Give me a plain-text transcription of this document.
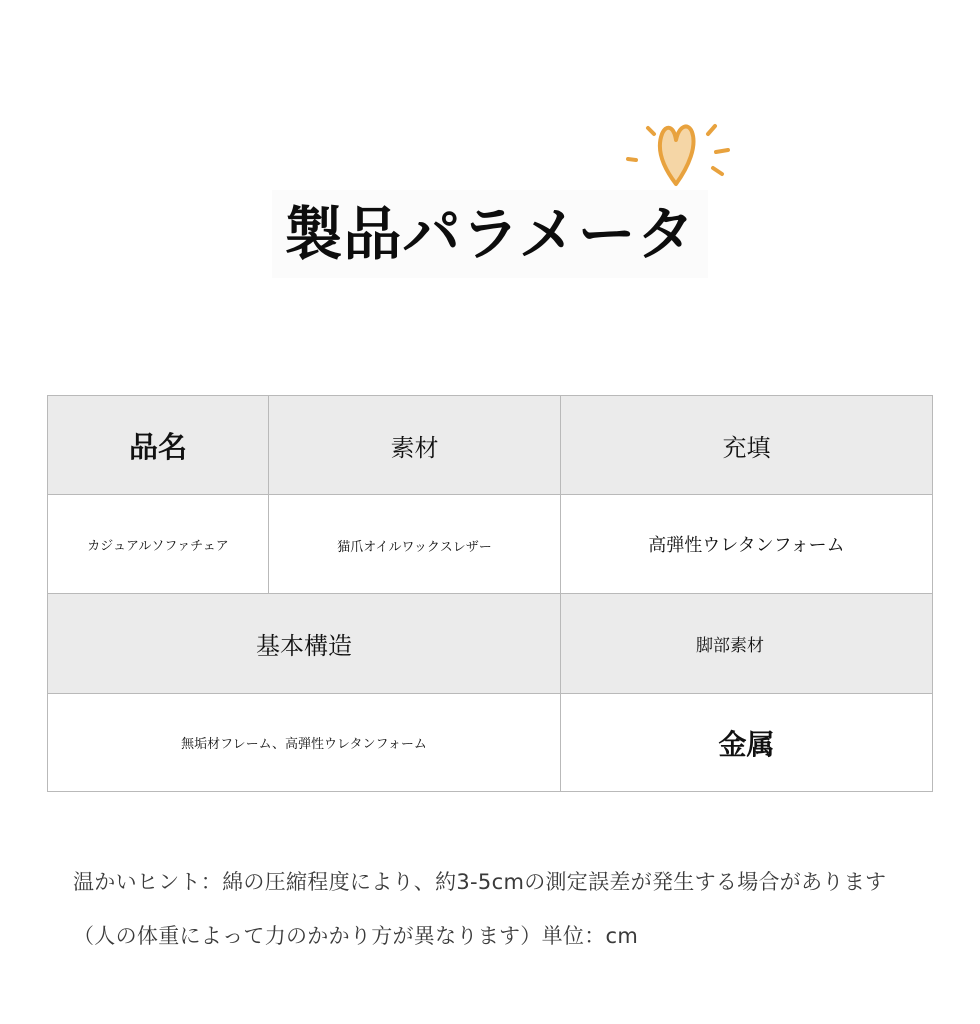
製品パラメータ
品名	素材	充填
カジュアルソファチェア	猫爪オイルワックスレザー	高弾性ウレタンフォーム
基本構造	脚部素材
無垢材フレーム、高弾性ウレタンフォーム	金属
温かいヒント：綿の圧縮程度により、約3-5cmの測定誤差が発生する場合があります
（人の体重によって力のかかり方が異なります）単位：cm
